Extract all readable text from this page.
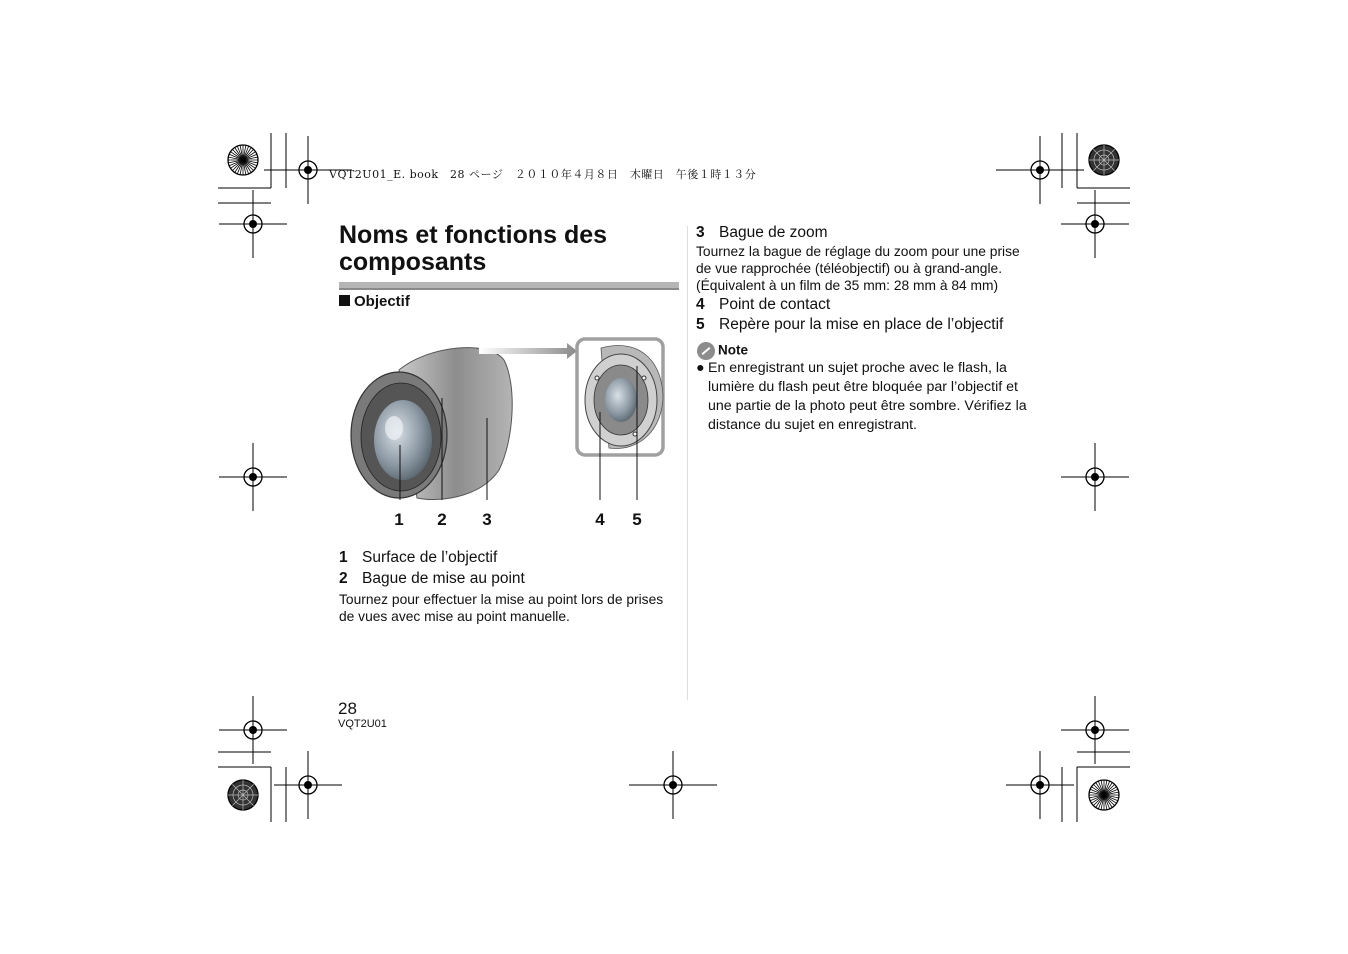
VQT2U01_E. book　28 ページ　２０１０年４月８日　木曜日　午後１時１３分
Noms et fonctions des
composants
Objectif
1 2 3	4 5
1 Surface de l’objectif
2 Bague de mise au point
Tournez pour effectuer la mise au point lors de prises de vues avec mise au point manuelle.
3 Bague de zoom
Tournez la bague de réglage du zoom pour une prise de vue rapprochée (téléobjectif) ou à grand-angle. (Équivalent à un film de 35 mm: 28 mm à 84 mm)
4 Point de contact
5 Repère pour la mise en place de l’objectif
Note
● En enregistrant un sujet proche avec le flash, la lumière du flash peut être bloquée par l’objectif et une partie de la photo peut être sombre. Vérifiez la distance du sujet en enregistrant.
28
VQT2U01
